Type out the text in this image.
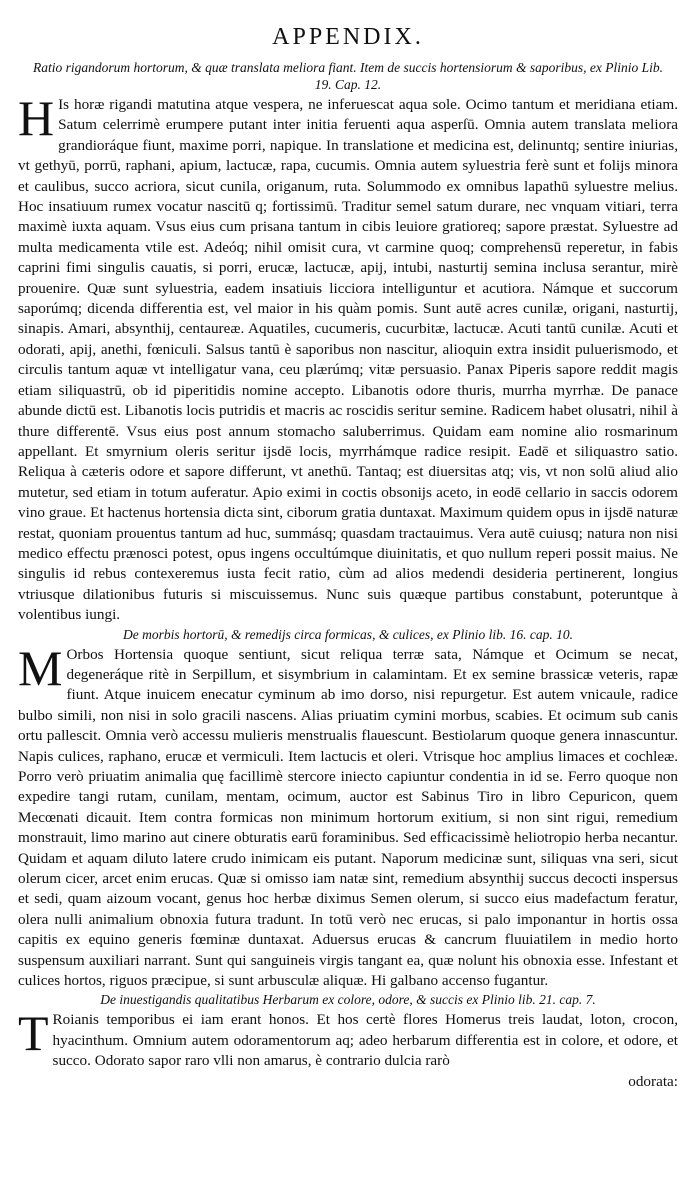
APPENDIX.
Ratio rigandorum hortorum, & quæ translata meliora fiant. Item de succis hortensiorum & saporibus, ex Plinio Lib. 19. Cap. 12.

H Is horæ rigandi matutina atque vespera, ne inferuescat aqua sole. Ocimo tantum et meridiana etiam. Satum celerrimè erumpere putant inter initia feruenti aqua asperſū. Omnia autem translata meliora grandioráque fiunt, maxime porri, napique. In translatione et medicina est, delinuntq; sentire iniurias, vt gethyū, porrū, raphani, apium, lactucæ, rapa, cucumis. Omnia autem syluestria ferè sunt et folijs minora et caulibus, succo acriora, sicut cunila, origanum, ruta. Solummodo ex omnibus lapathū syluestre melius. Hoc insatiuum rumex vocatur nascitū q; fortissimū. Traditur semel satum durare, nec vnquam vitiari, terra maximè iuxta aquam. Vsus eius cum prisana tantum in cibis leuiore gratioreq; sapore præstat. Syluestre ad multa medicamenta vtile est. Adeóq; nihil omisit cura, vt carmine quoq; comprehensū reperetur, in fabis caprini fimi singulis cauatis, si porri, erucæ, lactucæ, apij, intubi, nasturtij semina inclusa serantur, mirè prouenire. Quæ sunt syluestria, eadem insatiuis licciora intelliguntur et acutiora. Námque et succorum saporúmq; dicenda differentia est, vel maior in his quàm pomis. Sunt autē acres cunilæ, origani, nasturtij, sinapis. Amari, absynthij, centaureæ. Aquatiles, cucumeris, cucurbitæ, lactucæ. Acuti tantū cunilæ. Acuti et odorati, apij, anethi, fœniculi. Salsus tantū è saporibus non nascitur, alioquin extra insidit puluerismodo, et circulis tantum aquæ vt intelligatur vana, ceu plærúmq; vitæ persuasio. Panax Piperis sapore reddit magis etiam siliquastrū, ob id piperitidis nomine accepto. Libanotis odore thuris, murrha myrrhæ. De panace abunde dictū est. Libanotis locis putridis et macris ac roscidis seritur semine. Radicem habet olusatri, nihil à thure differentē. Vsus eius post annum stomacho saluberrimus. Quidam eam nomine alio rosmarinum appellant. Et smyrnium oleris seritur ijsdē locis, myrrhámque radice resipit. Eadē et siliquastro satio. Reliqua à cæteris odore et sapore differunt, vt anethū. Tantaq; est diuersitas atq; vis, vt non solū aliud alio mutetur, sed etiam in totum auferatur. Apio eximi in coctis obsonijs aceto, in eodē cellario in saccis odorem vino graue. Et hactenus hortensia dicta sint, ciborum gratia duntaxat. Maximum quidem opus in ijsdē naturæ restat, quoniam prouentus tantum ad huc, summásq; quasdam tractauimus. Vera autē cuiusq; natura non nisi medico effectu prænosci potest, opus ingens occultúmque diuinitatis, et quo nullum reperi possit maius. Ne singulis id rebus contexeremus iusta fecit ratio, cùm ad alios medendi desideria pertinerent, longius vtriusque dilationibus futuris si miscuissemus. Nunc suis quæque partibus constabunt, poteruntque à volentibus iungi.

De morbis hortorū, & remedijs circa formicas, & culices, ex Plinio lib. 16. cap. 10.

M Orbos Hortensia quoque sentiunt, sicut reliqua terræ sata, Námque et Ocimum se necat, degeneráque ritè in Serpillum, et sisymbrium in calamintam. Et ex semine brassicæ veteris, rapæ fiunt. Atque inuicem enecatur cyminum ab imo dorso, nisi repurgetur. Est autem vnicaule, radice bulbo simili, non nisi in solo gracili nascens. Alias priuatim cymini morbus, scabies. Et ocimum sub canis ortu pallescit. Omnia verò accessu mulieris menstrualis flauescunt. Bestiolarum quoque genera innascuntur. Napis culices, raphano, erucæ et vermiculi. Item lactucis et oleri. Vtrisque hoc amplius limaces et cochleæ. Porro verò priuatim animalia quę facillimè stercore iniecto capiuntur condentia in id se. Ferro quoque non expedire tangi rutam, cunilam, mentam, ocimum, auctor est Sabinus Tiro in libro Cepuricon, quem Mecœnati dicauit. Item contra formicas non minimum hortorum exitium, si non sint rigui, remedium monstrauit, limo marino aut cinere obturatis earū foraminibus. Sed efficacissimè heliotropio herba necantur. Quidam et aquam diluto latere crudo inimicam eis putant. Naporum medicinæ sunt, siliquas vna seri, sicut olerum cicer, arcet enim erucas. Quæ si omisso iam natæ sint, remedium absynthij succus decocti inspersus et sedi, quam aizoum vocant, genus hoc herbæ diximus Semen olerum, si succo eius madefactum feratur, olera nulli animalium obnoxia futura tradunt. In totū verò nec erucas, si palo imponantur in hortis ossa capitis ex equino generis fœminæ duntaxat. Aduersus erucas & cancrum fluuiatilem in medio horto suspensum auxiliari narrant. Sunt qui sanguineis virgis tangant ea, quæ nolunt his obnoxia esse. Infestant et culices hortos, riguos præcipue, si sunt arbusculæ aliquæ. Hi galbano accenso fugantur.

De inuestigandis qualitatibus Herbarum ex colore, odore, & succis ex Plinio lib. 21. cap. 7.

T Roianis temporibus ei iam erant honos. Et hos certè flores Homerus treis laudat, loton, crocon, hyacinthum. Omnium autem odoramentorum aq; adeo herbarum differentia est in colore, et odore, et succo. Odorato sapor raro vlli non amarus, è contrario dulcia rarò

odorata:
